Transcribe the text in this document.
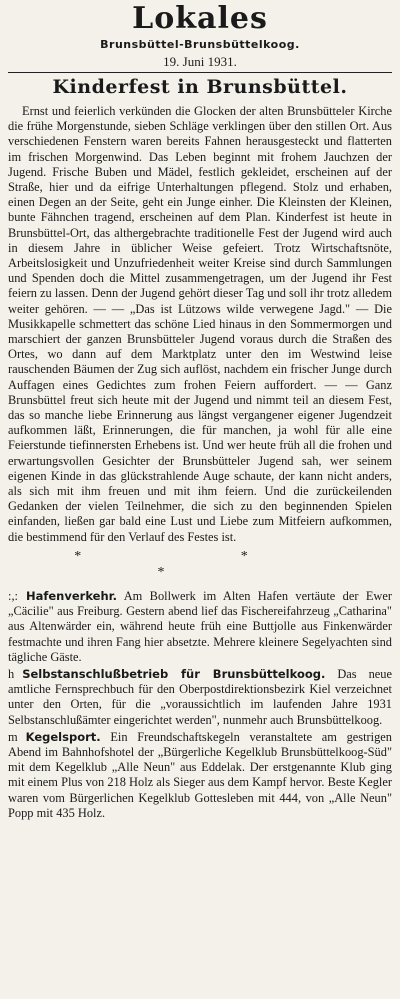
Lokales
Brunsbüttel-Brunsbüttelkoog.
19. Juni 1931.
Kinderfest in Brunsbüttel.

Ernst und feierlich verkünden die Glocken der alten Brunsbütteler Kirche die frühe Morgenstunde, sieben Schläge verklingen über den stillen Ort. Aus verschiedenen Fenstern waren bereits Fahnen herausgesteckt und flatterten im frischen Morgenwind. Das Leben beginnt mit frohem Jauchzen der Jugend. Frische Buben und Mädel, festlich gekleidet, erscheinen auf der Straße, hier und da eifrige Unterhaltungen pflegend. Stolz und erhaben, einen Degen an der Seite, geht ein Junge einher. Die Kleinsten der Kleinen, bunte Fähnchen tragend, erscheinen auf dem Plan. Kinderfest ist heute in Brunsbüttel-Ort, das althergebrachte traditionelle Fest der Jugend wird auch in diesem Jahre in üblicher Weise gefeiert. Trotz Wirtschaftsnöte, Arbeitslosigkeit und Unzufriedenheit weiter Kreise sind durch Sammlungen und Spenden doch die Mittel zusammengetragen, um der Jugend ihr Fest feiern zu lassen. Denn der Jugend gehört dieser Tag und soll ihr trotz alledem weiter gehören. — — „Das ist Lützows wilde verwegene Jagd." — Die Musikkapelle schmettert das schöne Lied hinaus in den Sommermorgen und marschiert der ganzen Brunsbütteler Jugend voraus durch die Straßen des Ortes, wo dann auf dem Marktplatz unter den im Westwind leise rauschenden Bäumen der Zug sich auflöst, nachdem ein frischer Junge durch Auffagen eines Gedichtes zum frohen Feiern auffordert. — — Ganz Brunsbüttel freut sich heute mit der Jugend und nimmt teil an diesem Fest, das so manche liebe Erinnerung aus längst vergangener eigener Jugendzeit aufkommen läßt, Erinnerungen, die für manchen, ja wohl für alle eine Feierstunde tiefinnersten Erhebens ist. Und wer heute früh all die frohen und erwartungsvollen Gesichter der Brunsbütteler Jugend sah, wer seinem eigenen Kinde in das glückstrahlende Auge schaute, der kann nicht anders, als sich mit ihm freuen und mit ihm feiern. Und die zurückeilenden Gedanken der vielen Teilnehmer, die sich zu den beginnenden Spielen einfanden, ließen gar bald eine Lust und Liebe zum Mitfeiern aufkommen, die bestimmend für den Verlauf des Festes ist.

* * *

:,: Hafenverkehr. Am Bollwerk im Alten Hafen vertäute der Ewer „Cäcilie" aus Freiburg. Gestern abend lief das Fischereifahrzeug „Catharina" aus Altenwärder ein, während heute früh eine Buttjolle aus Finkenwärder festmachte und ihren Fang hier absetzte. Mehrere kleinere Segelyachten sind tägliche Gäste.

h Selbstanschlußbetrieb für Brunsbüttelkoog. Das neue amtliche Fernsprechbuch für den Oberpostdirektionsbezirk Kiel verzeichnet unter den Orten, für die „voraussichtlich im laufenden Jahre 1931 Selbstanschlußämter eingerichtet werden", nunmehr auch Brunsbüttelkoog.

m Kegelsport. Ein Freundschaftskegeln veranstaltete am gestrigen Abend im Bahnhofshotel der „Bürgerliche Kegelklub Brunsbüttelkoog-Süd" mit dem Kegelklub „Alle Neun" aus Eddelak. Der erstgenannte Klub ging mit einem Plus von 218 Holz als Sieger aus dem Kampf hervor. Beste Kegler waren vom Bürgerlichen Kegelklub Gottesleben mit 444, von „Alle Neun" Popp mit 435 Holz.
